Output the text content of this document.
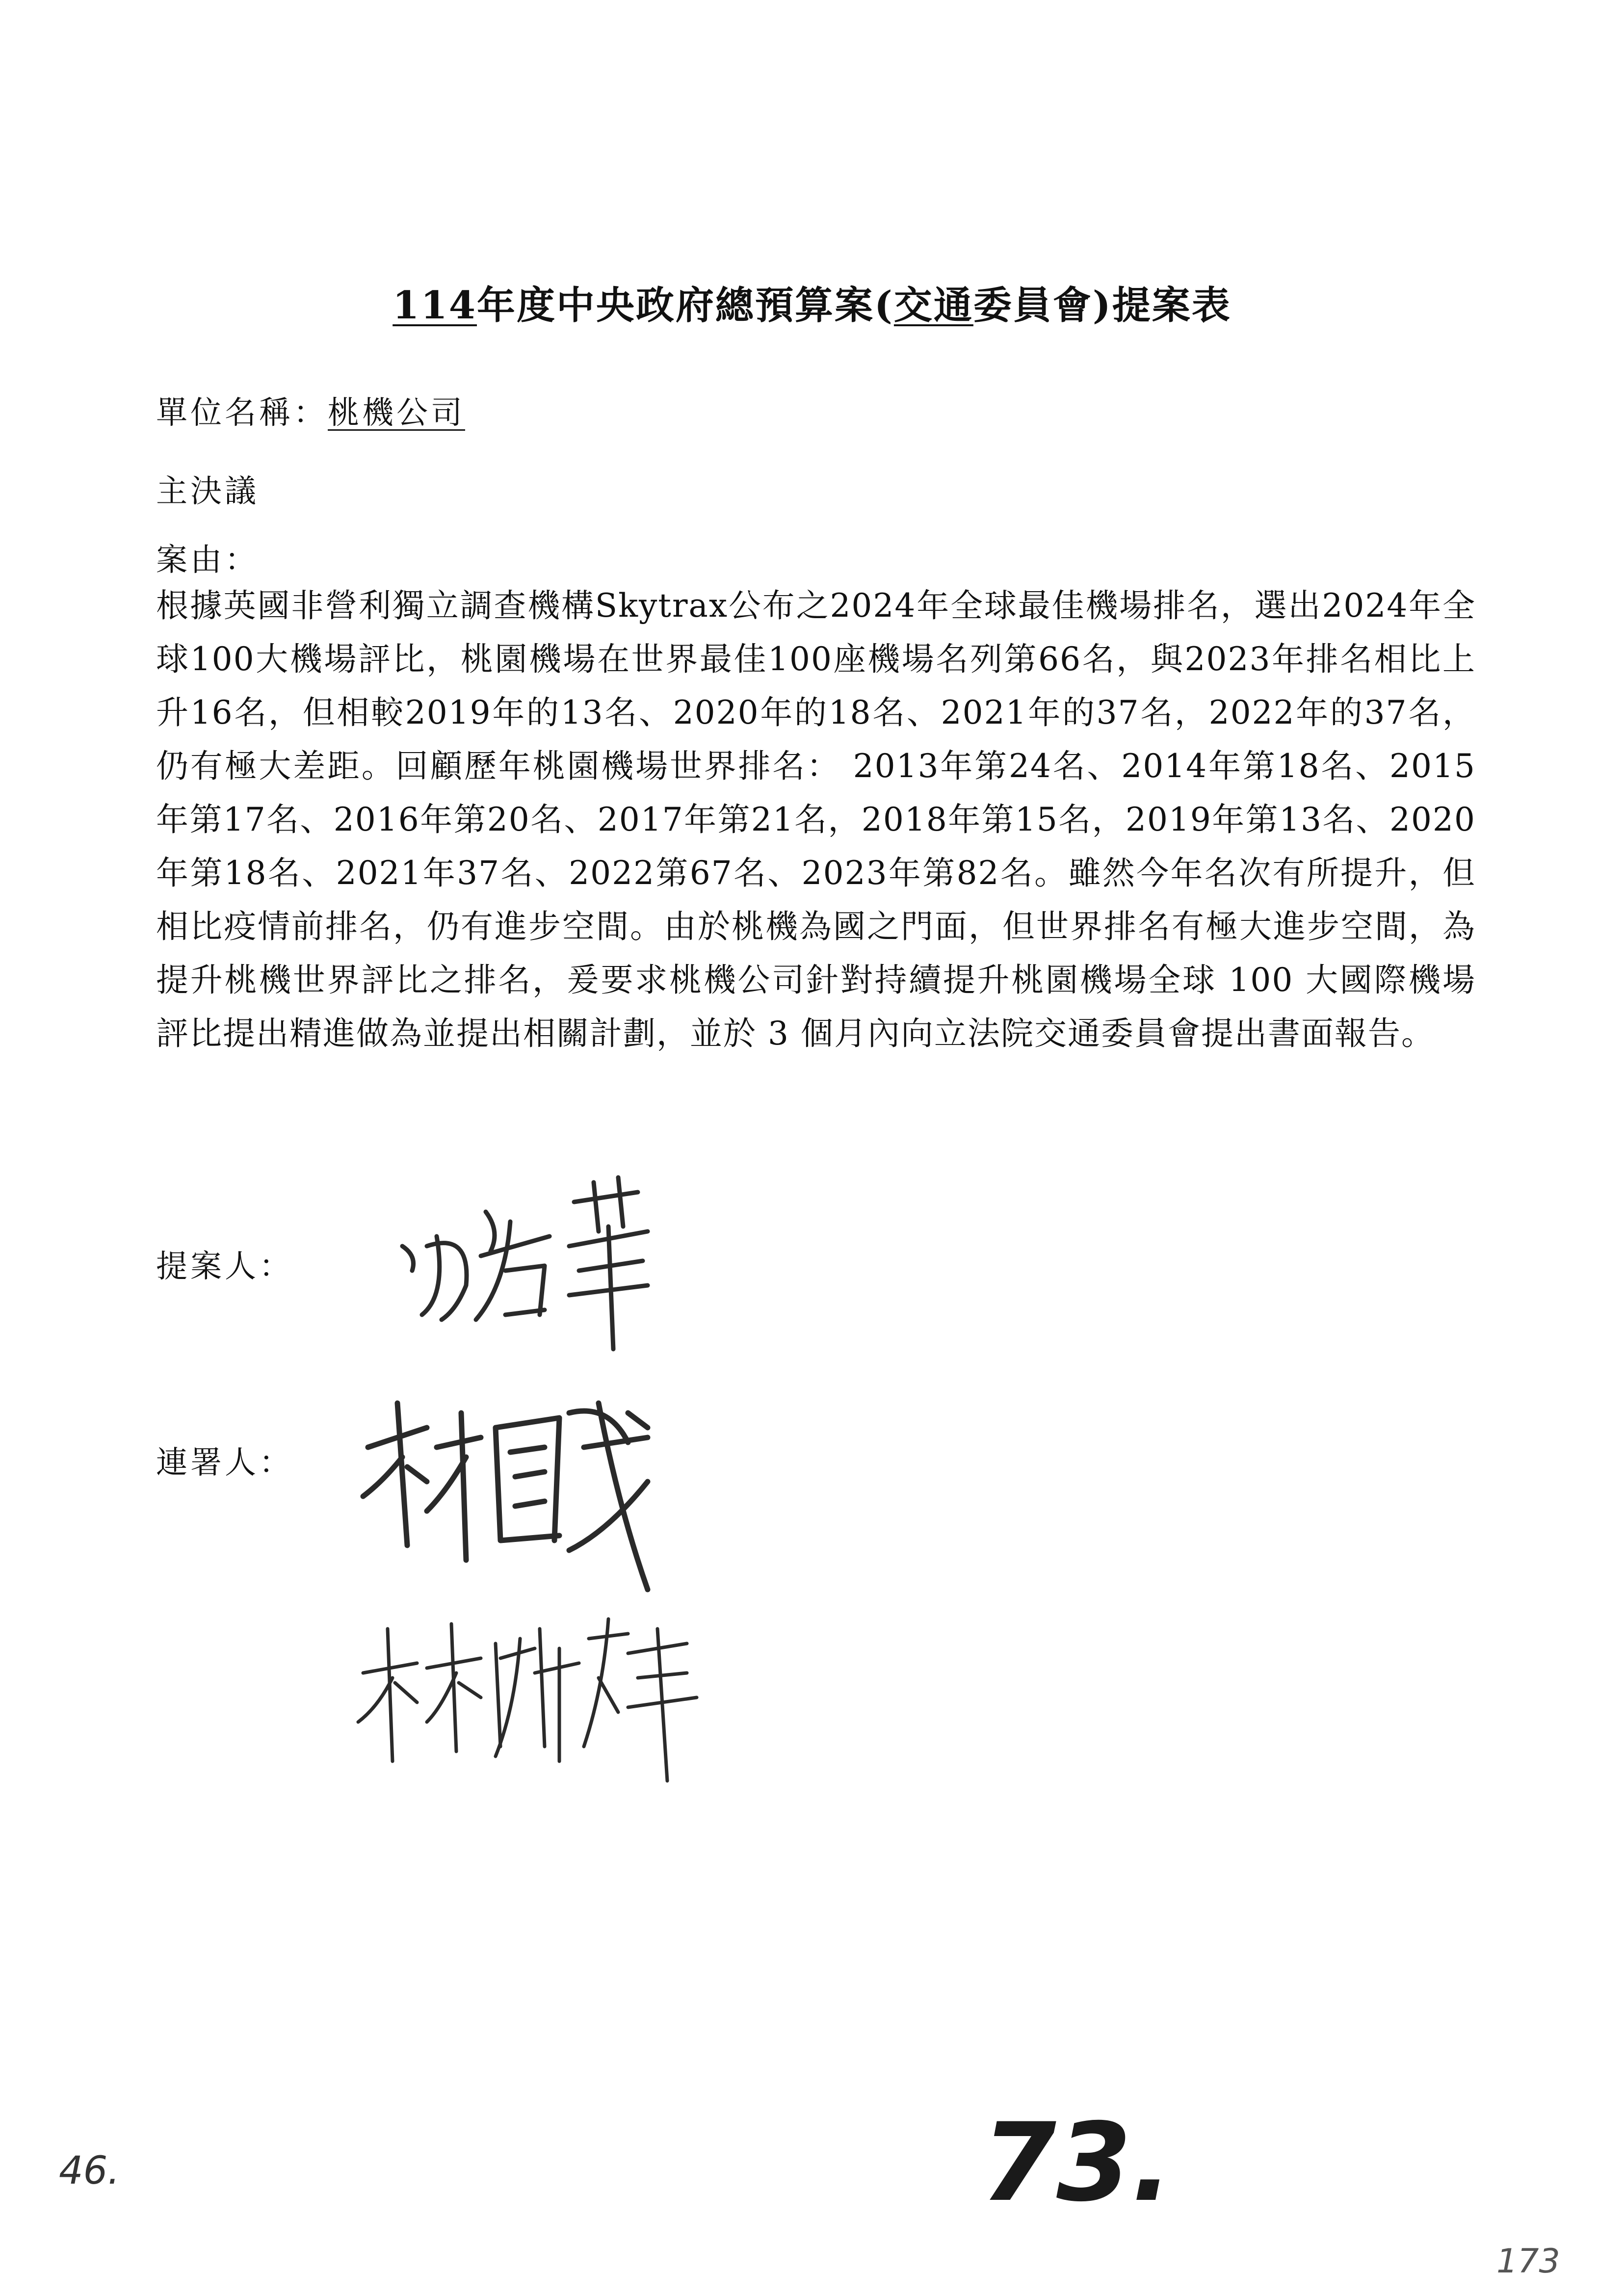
114年度中央政府總預算案(交通委員會)提案表
單位名稱：桃機公司
主決議
案由：
根據英國非營利獨立調查機構Skytrax公布之2024年全球最佳機場排名，選出2024年全球100大機場評比，桃園機場在世界最佳100座機場名列第66名，與2023年排名相比上升16名，但相較2019年的13名、2020年的18名、2021年的37名，2022年的37名，仍有極大差距。回顧歷年桃園機場世界排名： 2013年第24名、2014年第18名、2015年第17名、2016年第20名、2017年第21名，2018年第15名，2019年第13名、2020年第18名、2021年37名、2022第67名、2023年第82名。雖然今年名次有所提升，但相比疫情前排名，仍有進步空間。由於桃機為國之門面，但世界排名有極大進步空間，為提升桃機世界評比之排名，爰要求桃機公司針對持續提升桃園機場全球 100 大國際機場評比提出精進做為並提出相關計劃，並於 3 個月內向立法院交通委員會提出書面報告。
提案人：
連署人：
46.	73.
173
